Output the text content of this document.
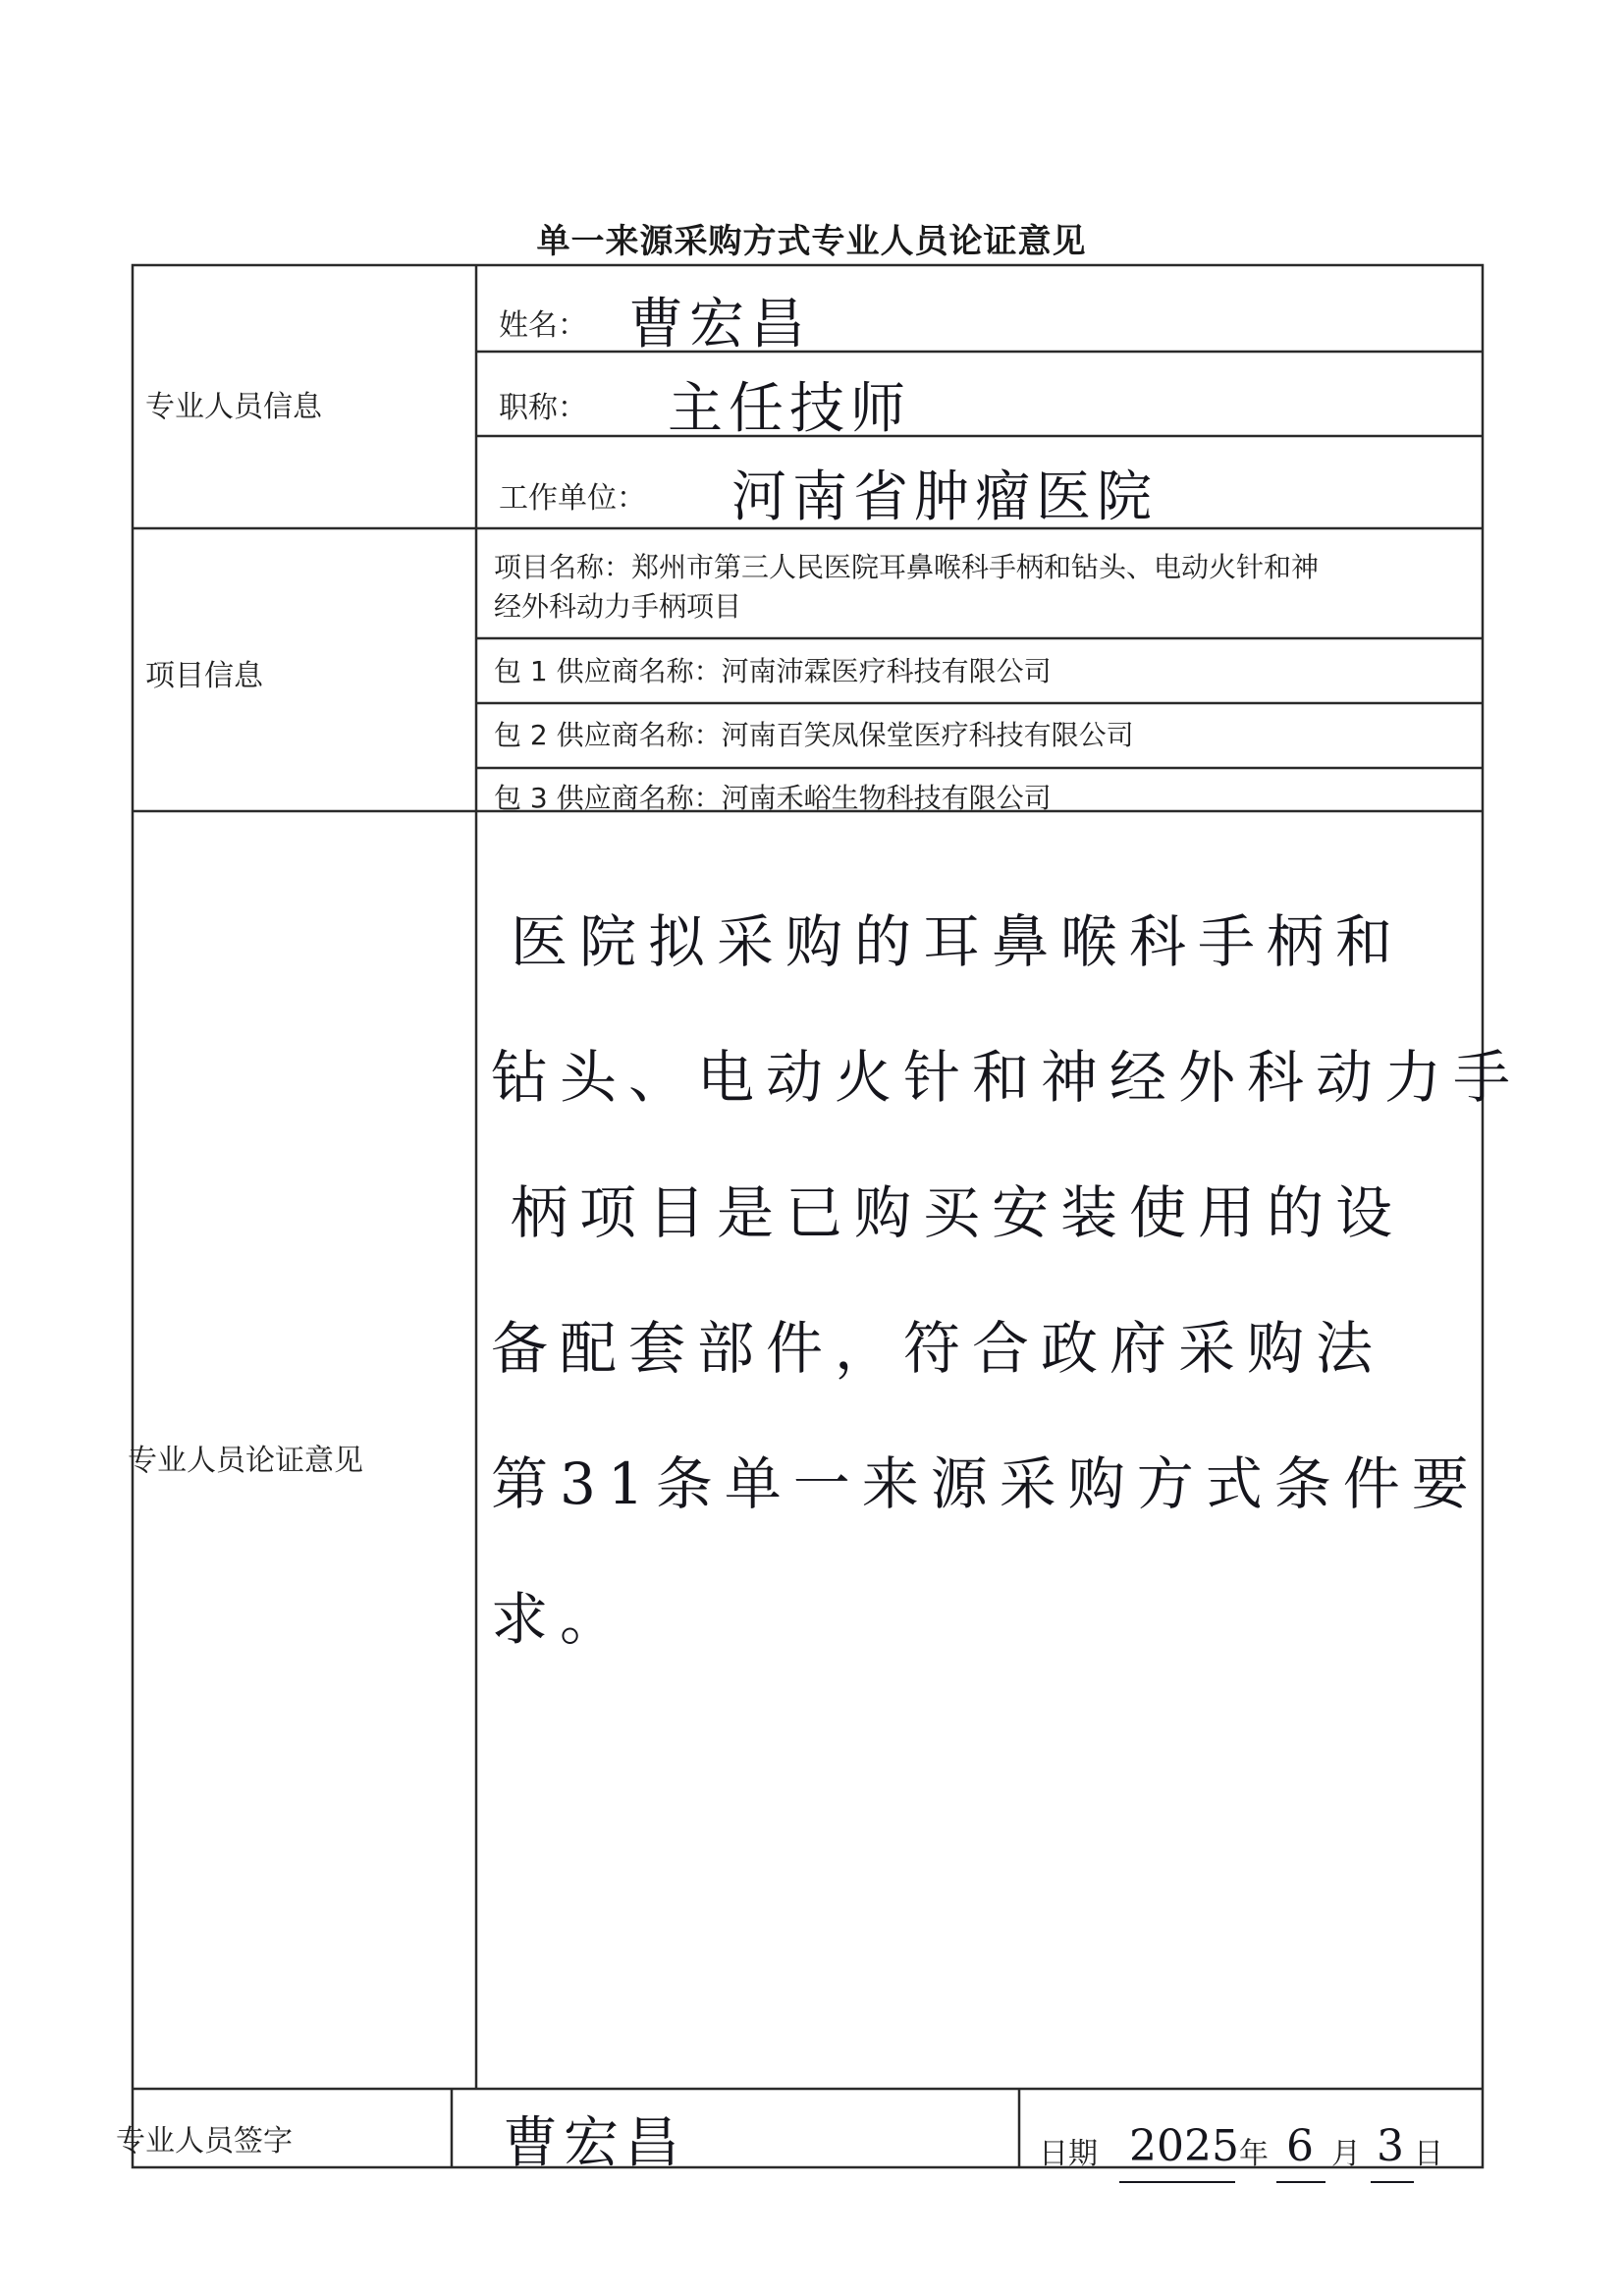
单一来源采购方式专业人员论证意见
专业人员信息
项目信息
专业人员论证意见
专业人员签字
姓名： 曹宏昌
职称： 主任技师
工作单位： 河南省肿瘤医院
项目名称：郑州市第三人民医院耳鼻喉科手柄和钻头、电动火针和神
经外科动力手柄项目
包 1 供应商名称：河南沛霖医疗科技有限公司
包 2 供应商名称：河南百笑凤保堂医疗科技有限公司
包 3 供应商名称：河南禾峪生物科技有限公司
医院拟采购的耳鼻喉科手柄和
钻头、电动火针和神经外科动力手
柄项目是已购买安装使用的设
备配套部件，符合政府采购法
第31条单一来源采购方式条件要
求。
曹宏昌	日期 2025 年 6 月 3 日
